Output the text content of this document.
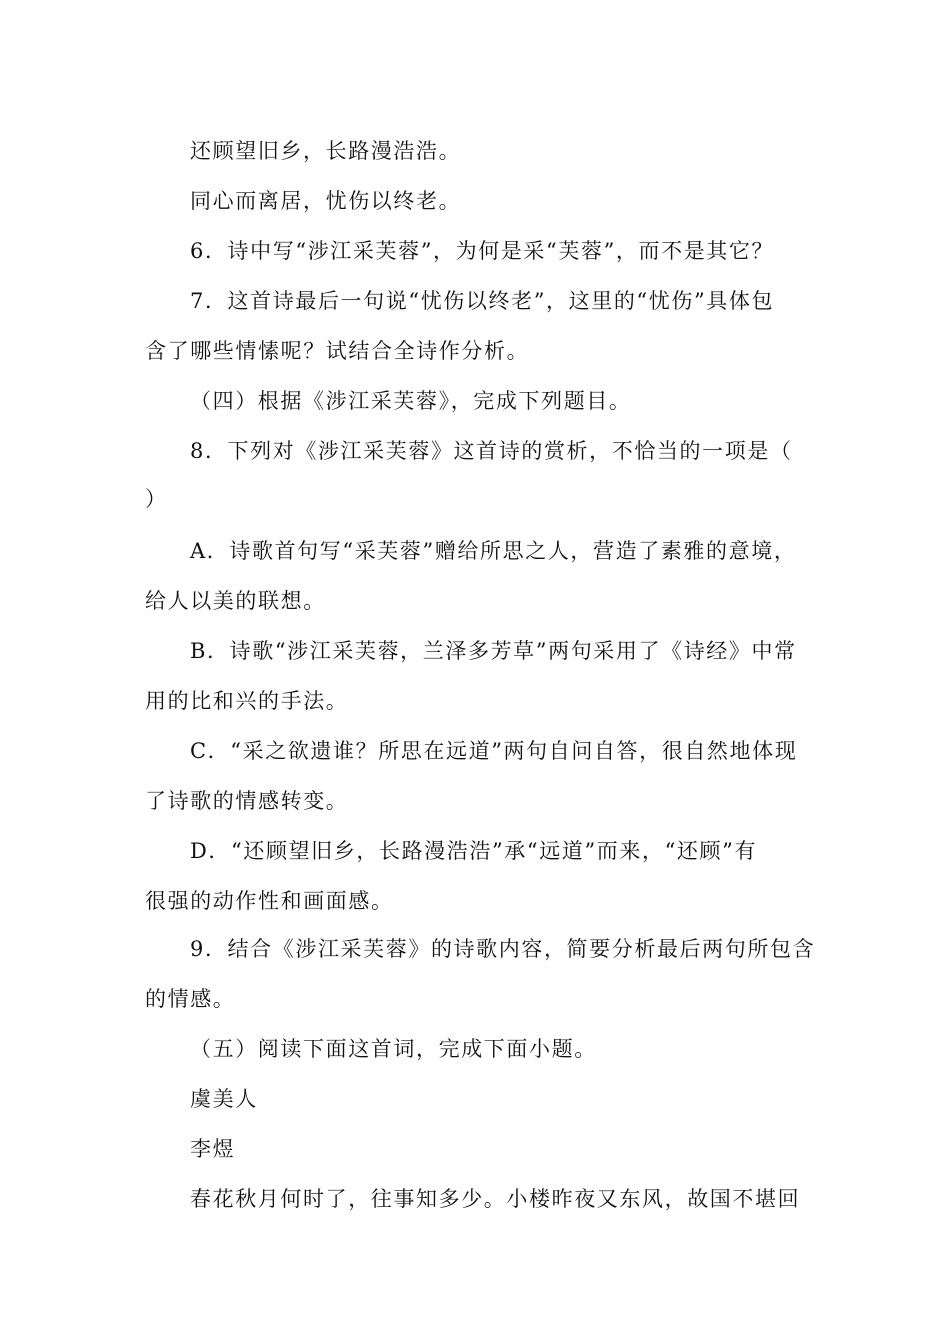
还顾望旧乡，长路漫浩浩。
同心而离居，忧伤以终老。
6．诗中写“涉江采芙蓉”，为何是采“芙蓉”，而不是其它？
7．这首诗最后一句说“忧伤以终老”，这里的“忧伤”具体包
含了哪些情愫呢？试结合全诗作分析。
（四）根据《涉江采芙蓉》，完成下列题目。
8．下列对《涉江采芙蓉》这首诗的赏析，不恰当的一项是（
）
A．诗歌首句写“采芙蓉”赠给所思之人，营造了素雅的意境，
给人以美的联想。
B．诗歌“涉江采芙蓉，兰泽多芳草”两句采用了《诗经》中常
用的比和兴的手法。
C．“采之欲遗谁？所思在远道”两句自问自答，很自然地体现
了诗歌的情感转变。
D．“还顾望旧乡，长路漫浩浩”承“远道”而来，“还顾”有
很强的动作性和画面感。
9．结合《涉江采芙蓉》的诗歌内容，简要分析最后两句所包含
的情感。
（五）阅读下面这首词，完成下面小题。
虞美人
李煜
春花秋月何时了，往事知多少。小楼昨夜又东风，故国不堪回
